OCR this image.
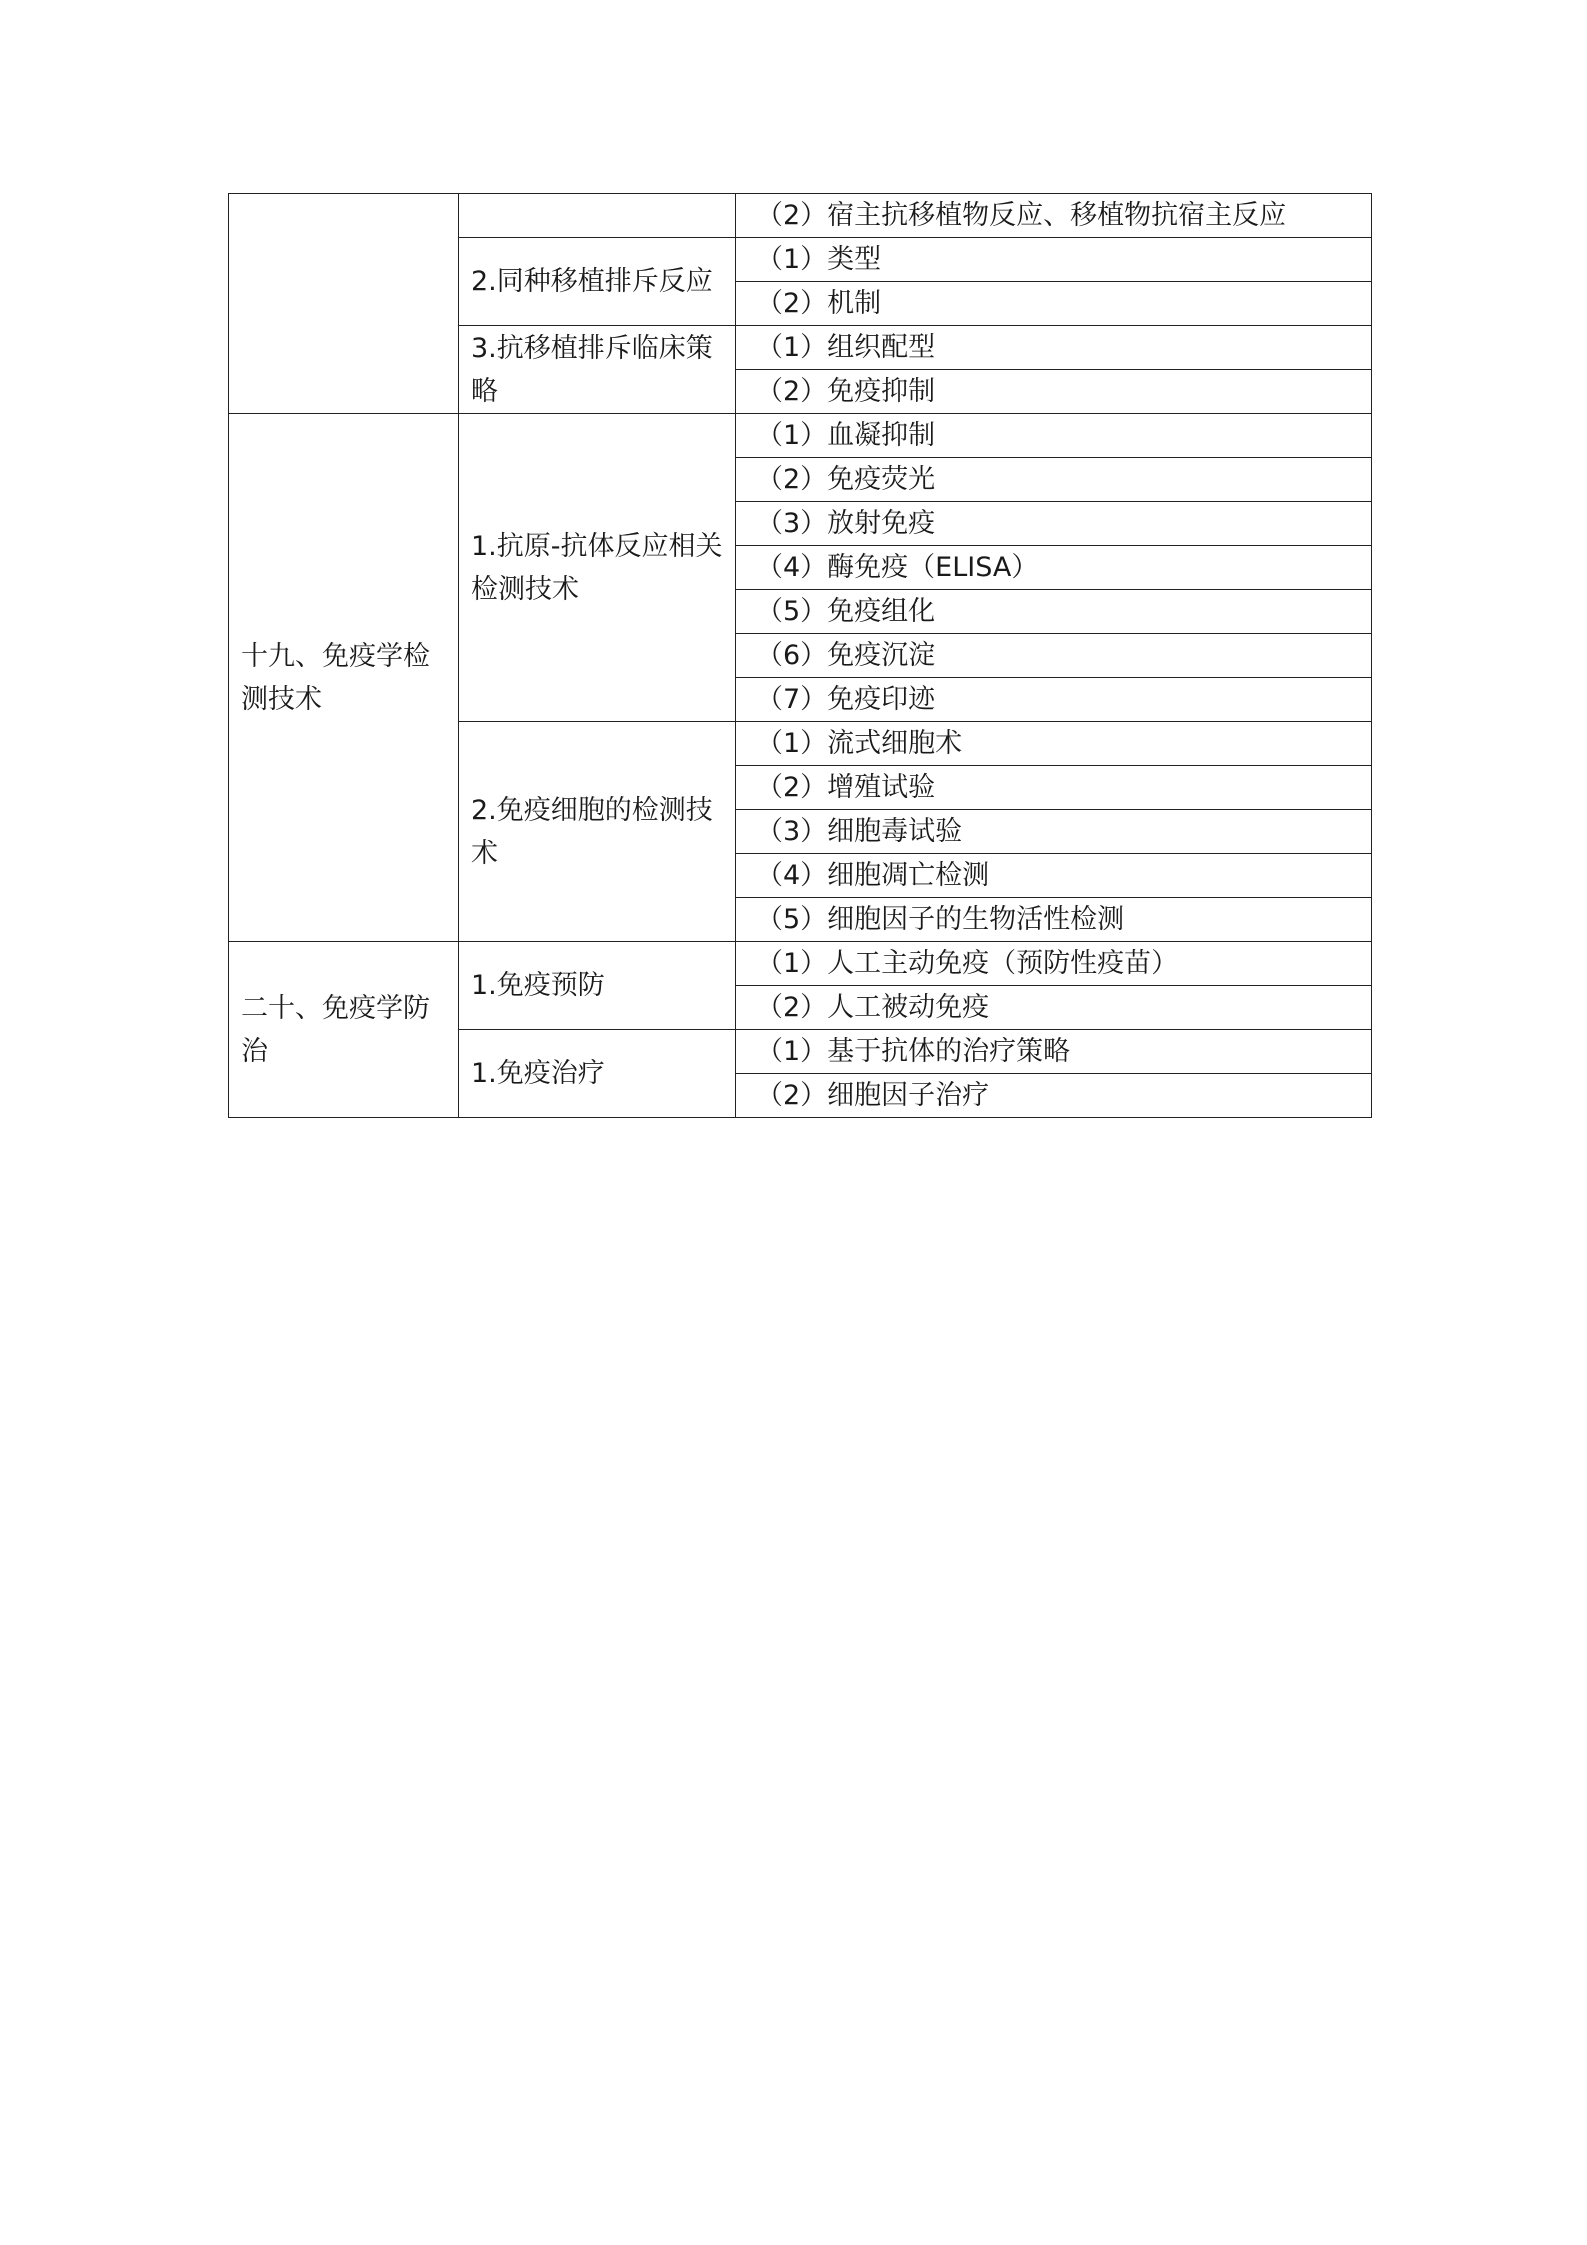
		（2）宿主抗移植物反应、移植物抗宿主反应
	2.同种移植排斥反应	（1）类型
		（2）机制
	3.抗移植排斥临床策略	（1）组织配型
		（2）免疫抑制
十九、免疫学检测技术	1.抗原-抗体反应相关检测技术	（1）血凝抑制
		（2）免疫荧光
		（3）放射免疫
		（4）酶免疫（ELISA）
		（5）免疫组化
		（6）免疫沉淀
		（7）免疫印迹
	2.免疫细胞的检测技术	（1）流式细胞术
		（2）增殖试验
		（3）细胞毒试验
		（4）细胞凋亡检测
		（5）细胞因子的生物活性检测
二十、免疫学防治	1.免疫预防	（1）人工主动免疫（预防性疫苗）
		（2）人工被动免疫
	1.免疫治疗	（1）基于抗体的治疗策略
		（2）细胞因子治疗
